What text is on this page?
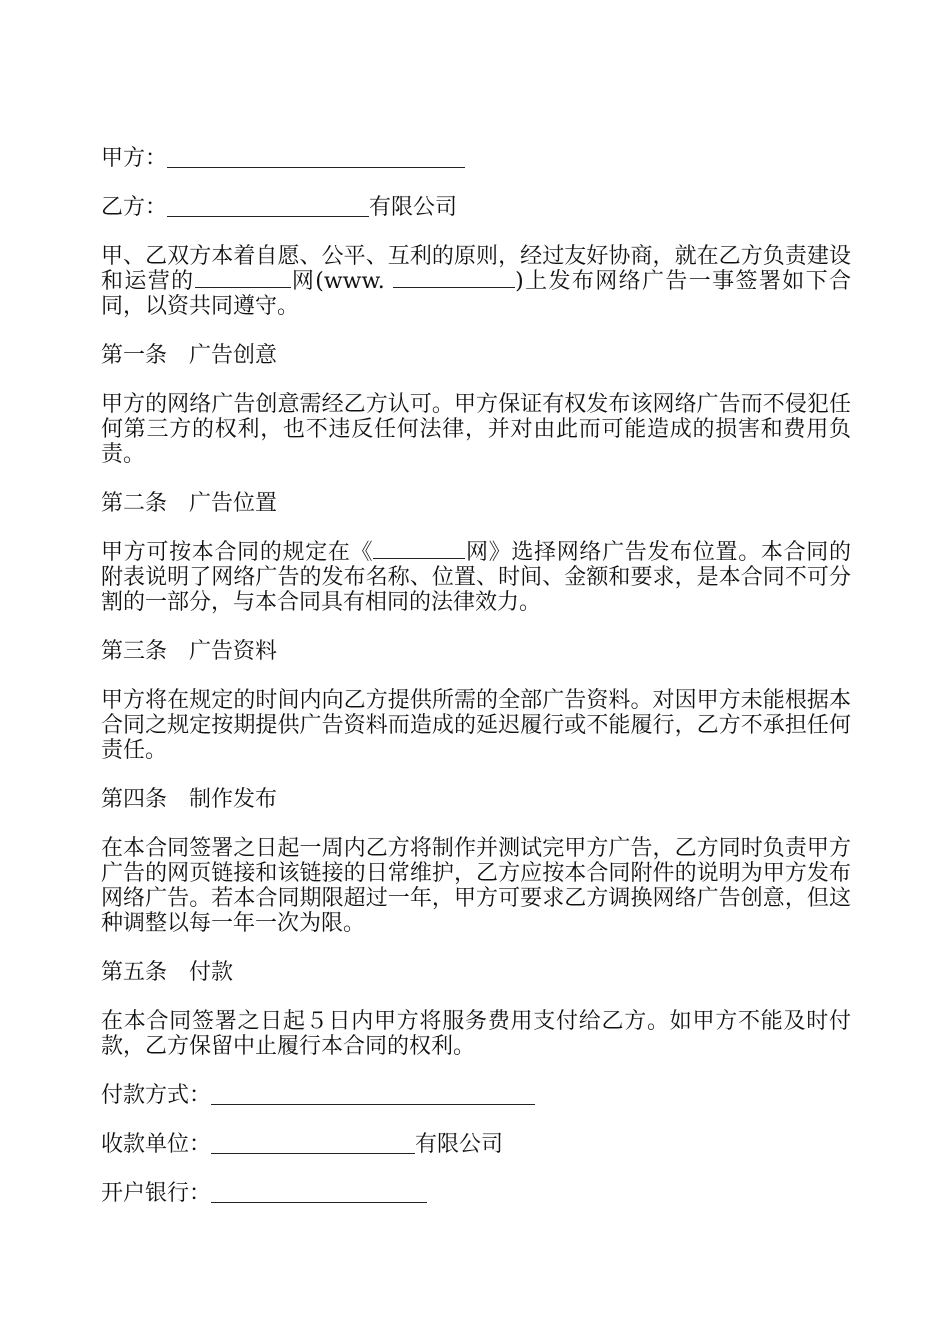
甲方：
乙方：	有限公司

甲、乙双方本着自愿、公平、互利的原则，经过友好协商，就在乙方负责建设和运营的	网(www.	)上发布网络广告一事签署如下合同，以资共同遵守。

第一条　广告创意

甲方的网络广告创意需经乙方认可。甲方保证有权发布该网络广告而不侵犯任何第三方的权利，也不违反任何法律，并对由此而可能造成的损害和费用负责。

第二条　广告位置

甲方可按本合同的规定在《	网》选择网络广告发布位置。本合同的附表说明了网络广告的发布名称、位置、时间、金额和要求，是本合同不可分割的一部分，与本合同具有相同的法律效力。

第三条　广告资料

甲方将在规定的时间内向乙方提供所需的全部广告资料。对因甲方未能根据本合同之规定按期提供广告资料而造成的延迟履行或不能履行，乙方不承担任何责任。

第四条　制作发布

在本合同签署之日起一周内乙方将制作并测试完甲方广告，乙方同时负责甲方广告的网页链接和该链接的日常维护，乙方应按本合同附件的说明为甲方发布网络广告。若本合同期限超过一年，甲方可要求乙方调换网络广告创意，但这种调整以每一年一次为限。

第五条　付款

在本合同签署之日起５日内甲方将服务费用支付给乙方。如甲方不能及时付款，乙方保留中止履行本合同的权利。

付款方式：
收款单位：	有限公司
开户银行：
